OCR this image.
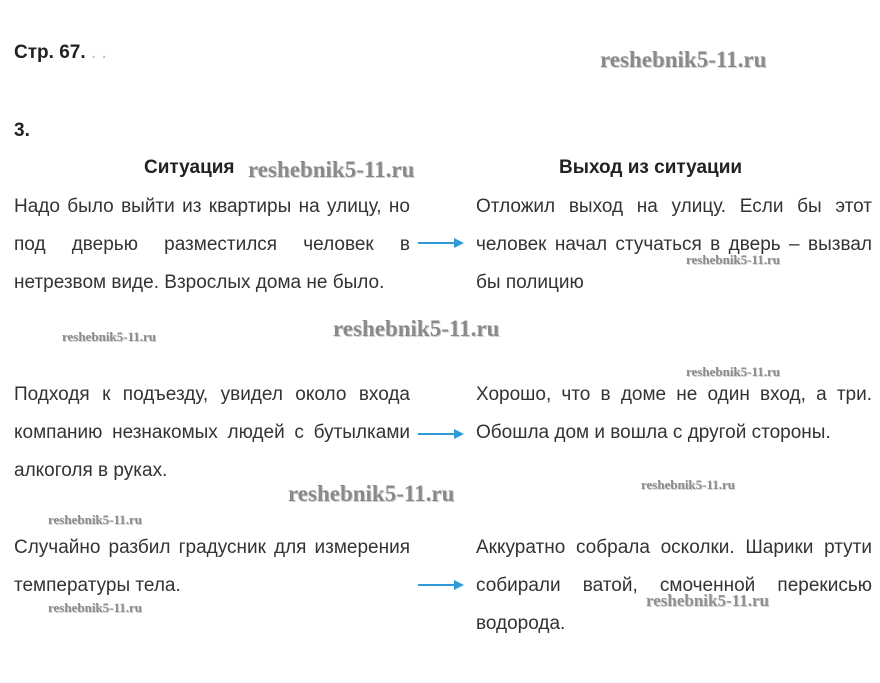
Стр. 67. . .
3.
Ситуация	Выход из ситуации
Надо было выйти из квартиры на улицу, но под дверью разместился человек в нетрезвом виде. Взрослых дома не было.
Отложил выход на улицу. Если бы этот человек начал стучаться в дверь – вызвал бы полицию
Подходя к подъезду, увидел около входа компанию незнакомых людей с бутылками алкоголя в руках.
Хорошо, что в доме не один вход, а три. Обошла дом и вошла с другой стороны.
Случайно разбил градусник для измерения температуры тела.
Аккуратно собрала осколки. Шарики ртути собирали ватой, смоченной перекисью водорода.
reshebnik5-11.ru
reshebnik5-11.ru
reshebnik5-11.ru
reshebnik5-11.ru
reshebnik5-11.ru
reshebnik5-11.ru
reshebnik5-11.ru
reshebnik5-11.ru
reshebnik5-11.ru
reshebnik5-11.ru	reshebnik5-11.ru
